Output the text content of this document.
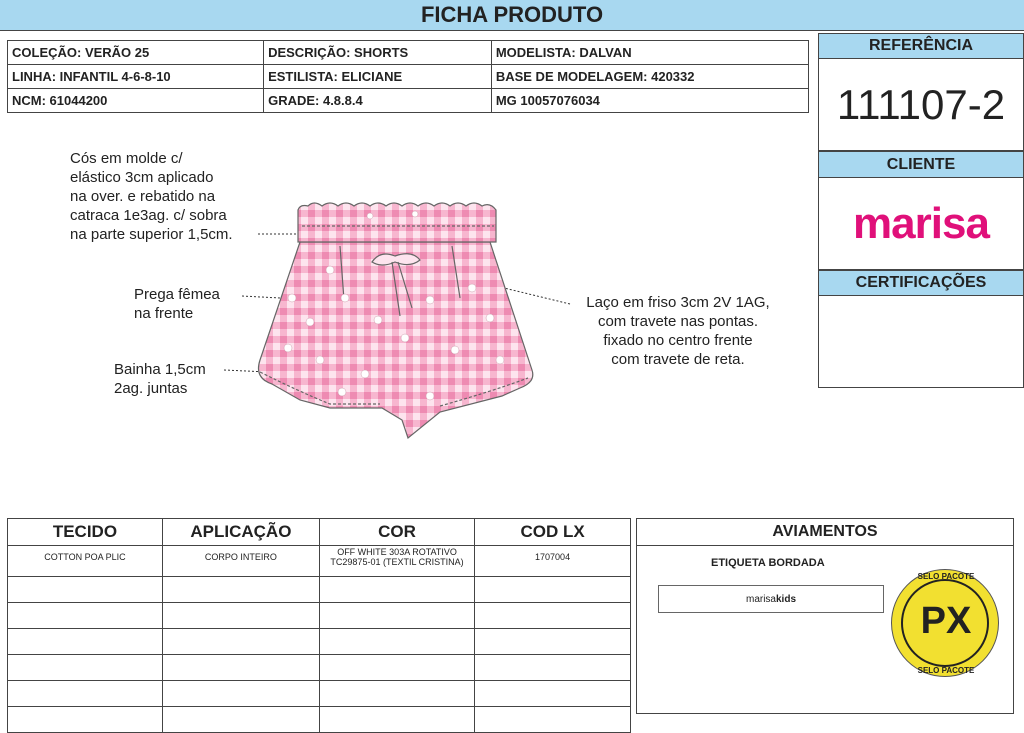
FICHA PRODUTO
COLEÇÃO: VERÃO 25	DESCRIÇÃO: SHORTS	MODELISTA: DALVAN
LINHA: INFANTIL 4-6-8-10	ESTILISTA: ELICIANE	BASE DE MODELAGEM: 420332
NCM: 61044200	GRADE: 4.8.8.4	MG 10057076034
REFERÊNCIA
111107-2
CLIENTE
marisa
CERTIFICAÇÕES
Cós em molde c/
elástico 3cm aplicado
na over. e rebatido na
catraca 1e3ag. c/ sobra
na parte superior 1,5cm.
Prega fêmea
na frente
Bainha 1,5cm
2ag. juntas
Laço em friso 3cm 2V 1AG,
com travete nas pontas.
fixado no centro frente
com travete de reta.
TECIDO	APLICAÇÃO	COR	COD LX
COTTON POA PLIC	CORPO INTEIRO	OFF WHITE 303A ROTATIVO
TC29875-01 (TEXTIL CRISTINA)	1707004

AVIAMENTOS
ETIQUETA BORDADA
marisa kids
SELO PACOTE
PX
SELO PACOTE
